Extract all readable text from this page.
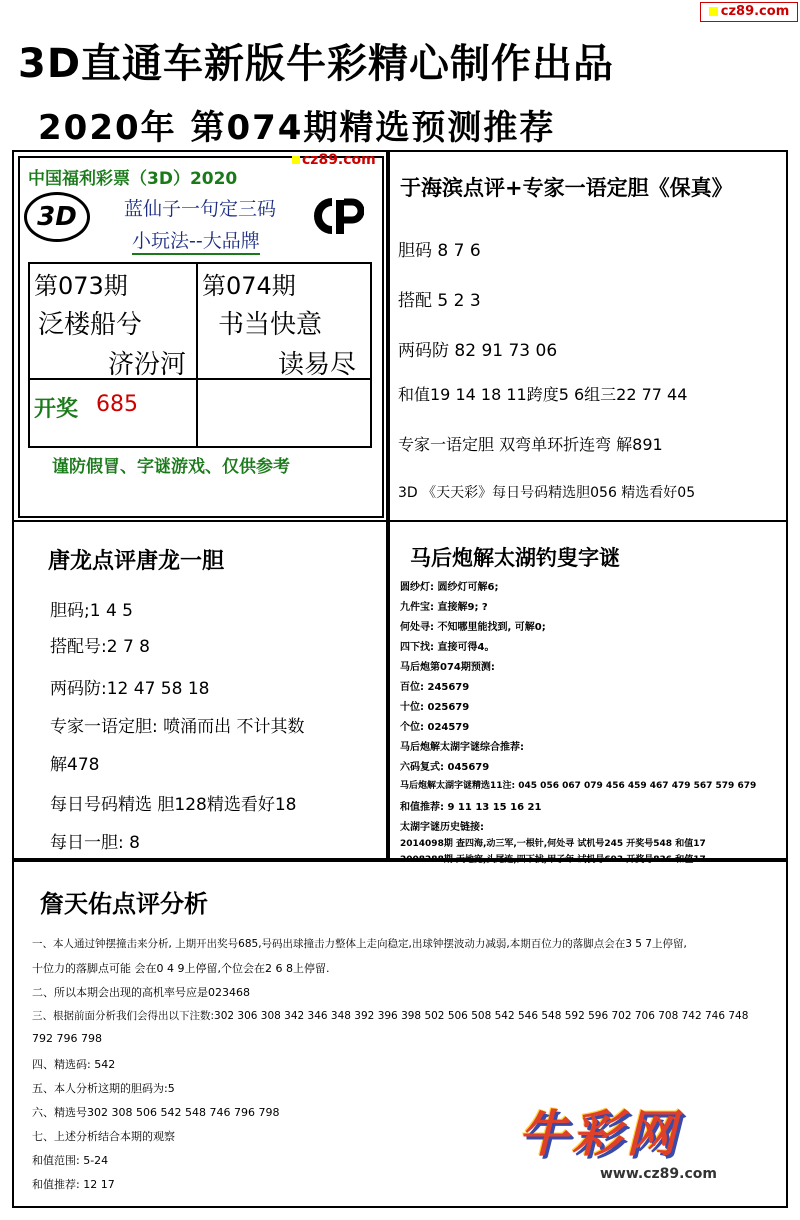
cz89.com
3D直通车新版牛彩精心制作出品
2020年 第074期精选预测推荐
中国福利彩票（3D）2020
cz89.com
3D	蓝仙子一句定三码
小玩法--大品牌
第073期
泛楼船兮
济汾河
第074期
书当快意
读易尽
开奖 685
谨防假冒、字谜游戏、仅供参考
于海滨点评+专家一语定胆《保真》
胆码 8 7 6
搭配 5 2 3
两码防 82 91 73 06
和值19 14 18 11跨度5 6组三22 77 44
专家一语定胆 双弯单环折连弯 解891
3D 《天天彩》每日号码精选胆056 精选看好05
唐龙点评唐龙一胆
胆码;1 4 5
搭配号:2 7 8
两码防:12 47 58 18
专家一语定胆: 喷涌而出 不计其数
解478
每日号码精选 胆128精选看好18
每日一胆: 8
马后炮解太湖钓叟字谜
圆纱灯: 圆纱灯可解6;
九件宝: 直接解9; ?
何处寻: 不知哪里能找到, 可解0;
四下找: 直接可得4。
马后炮第074期预测:
百位: 245679
十位: 025679
个位: 024579
马后炮解太湖字谜综合推荐:
六码复式: 045679
马后炮解太湖字谜精选11注: 045 056 067 079 456 459 467 479 567 579 679
和值推荐: 9 11 13 15 16 21
太湖字谜历史链接:
2014098期 查四海,动三军,一根针,何处寻 试机号245 开奖号548 和值17
2008288期 天地宽,头尾连,四下找,甲子年 试机号693 开奖号836 和值17
詹天佑点评分析
一、本人通过钟摆撞击来分析, 上期开出奖号685,号码出球撞击力整体上走向稳定,出球钟摆波动力减弱,本期百位力的落脚点会在3 5 7上停留,
十位力的落脚点可能 会在0 4 9上停留,个位会在2 6 8上停留.
二、所以本期会出现的高机率号应是023468
三、根据前面分析我们会得出以下注数:302 306 308 342 346 348 392 396 398 502 506 508 542 546 548 592 596 702 706 708 742 746 748
792 796 798
四、精选码: 542
五、本人分析这期的胆码为:5
六、精选号302 308 506 542 548 746 796 798
七、上述分析结合本期的观察
和值范围: 5-24
和值推荐: 12 17
牛彩网
www.cz89.com
